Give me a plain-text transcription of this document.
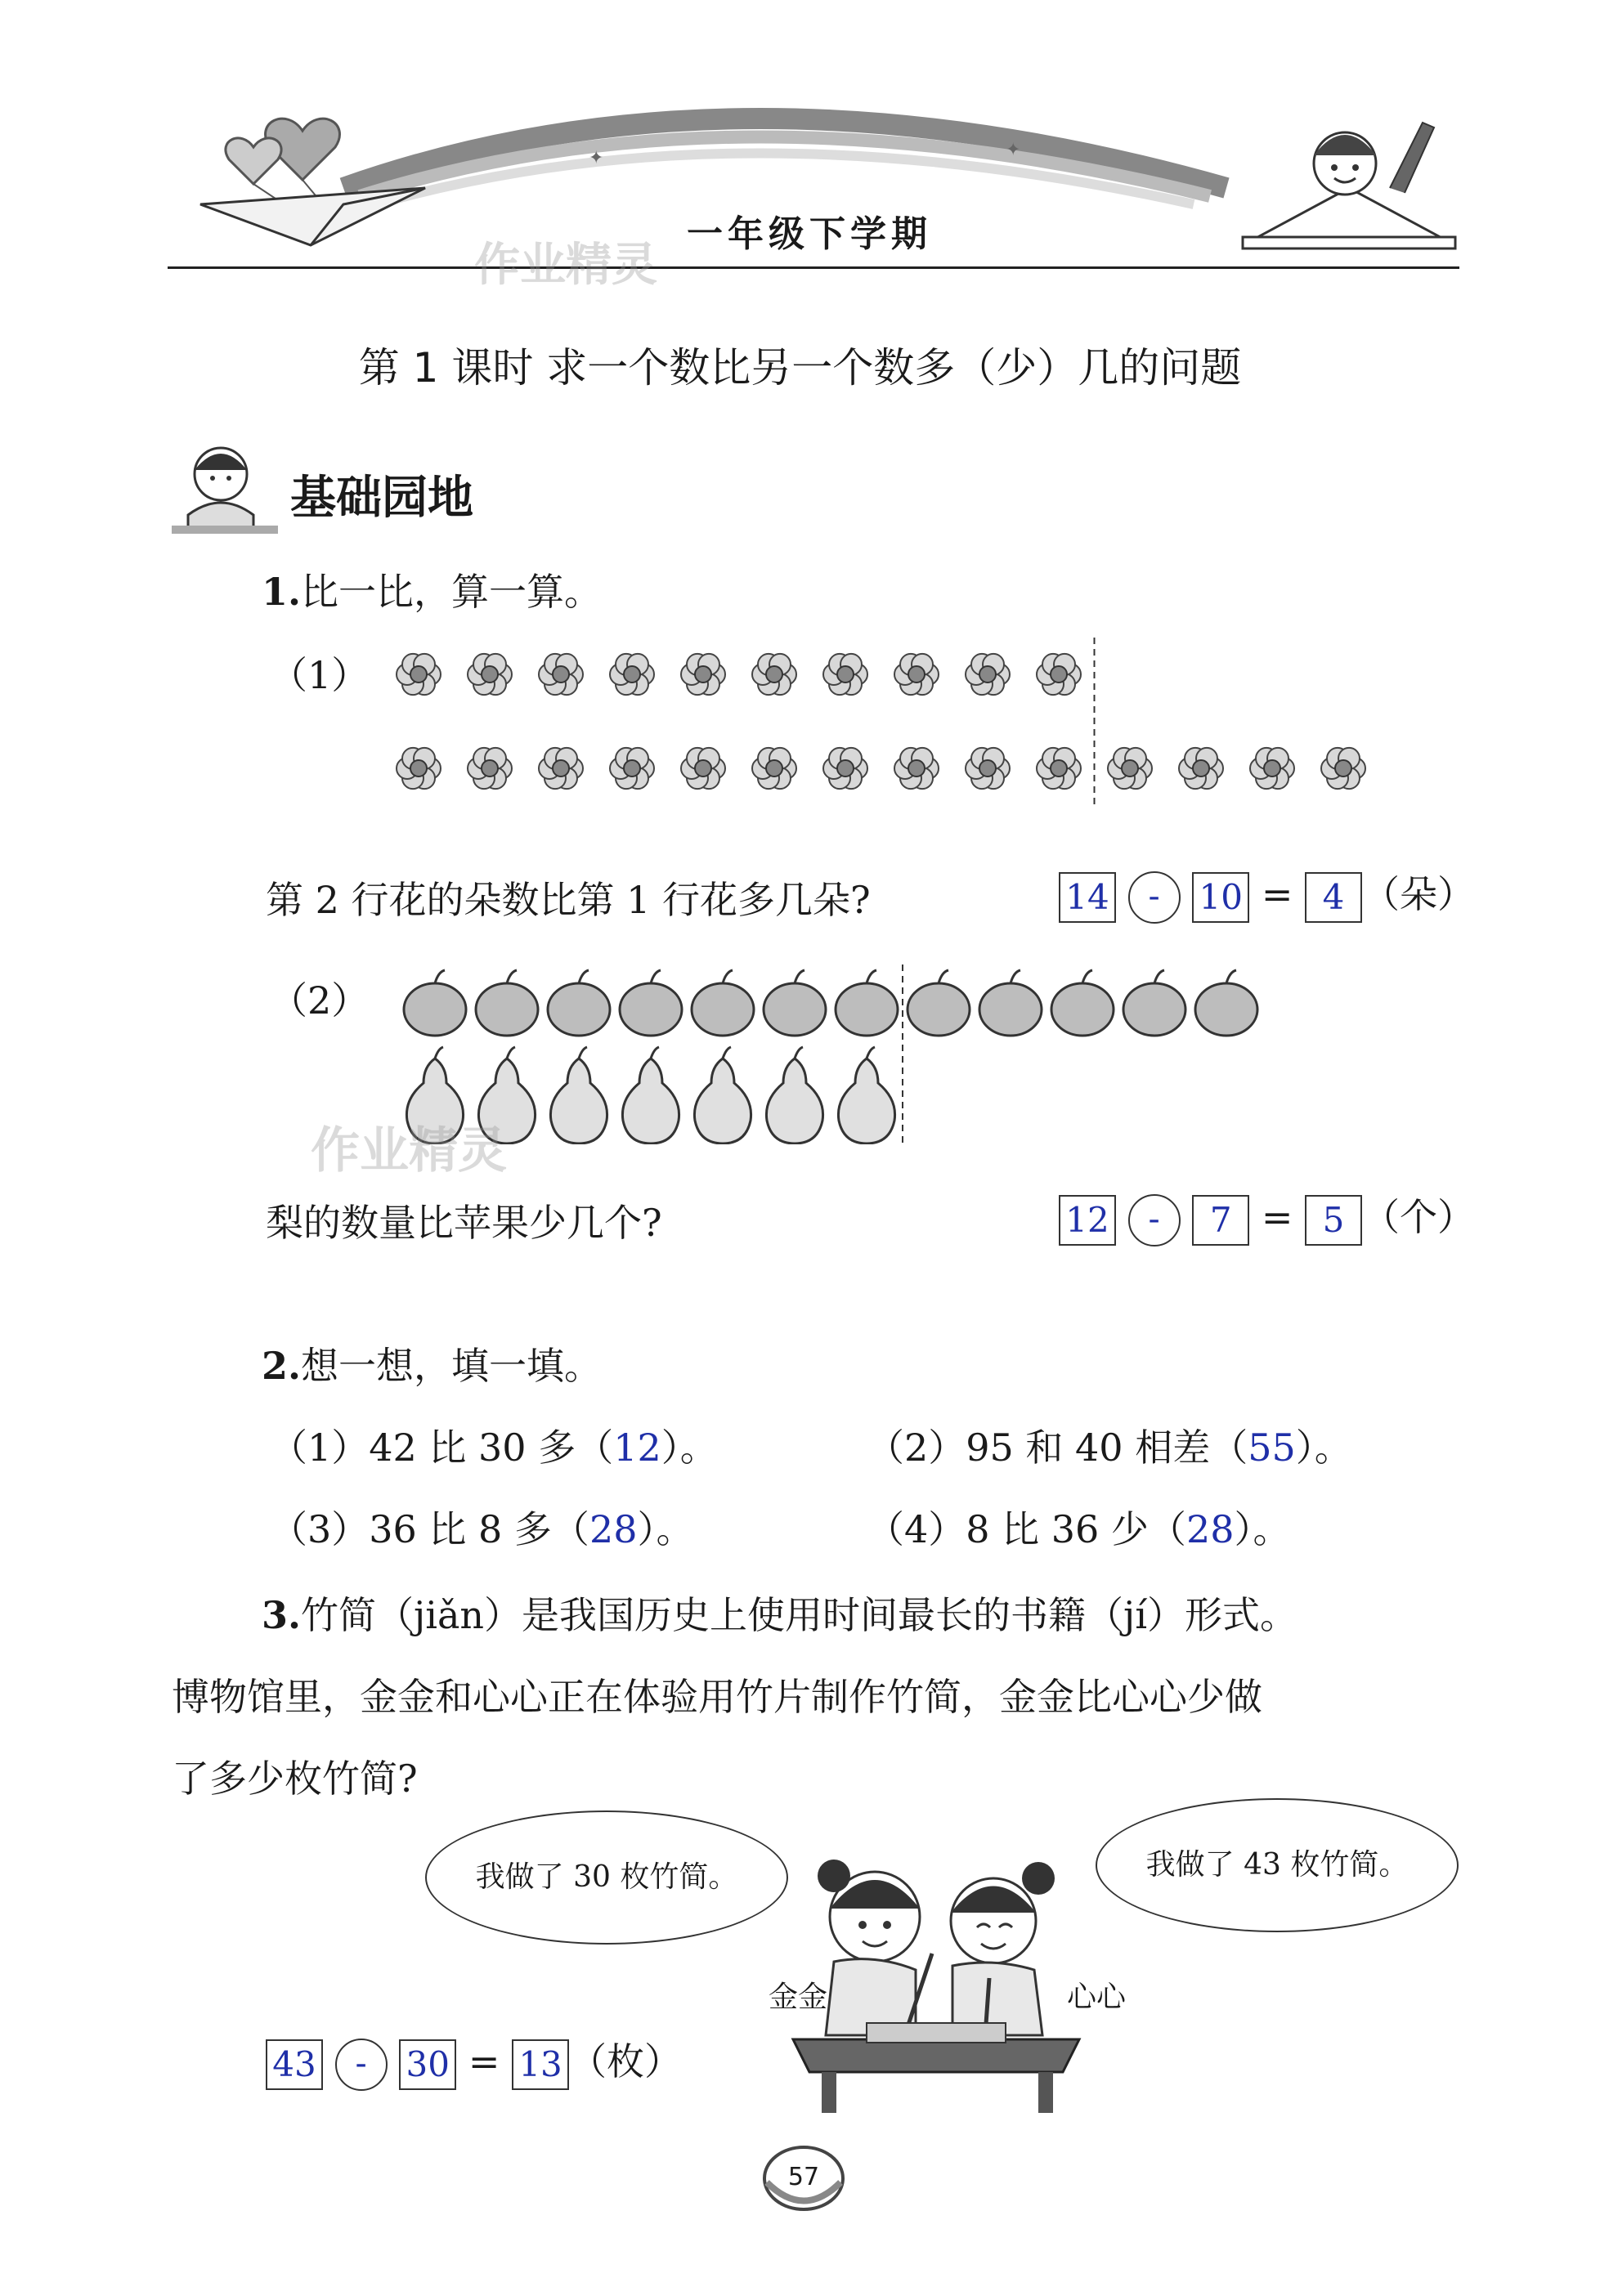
✦	✦
一年级下学期
作业精灵
第 1 课时 求一个数比另一个数多（少）几的问题
基础园地
1.比一比，算一算。
（1）
第 2 行花的朵数比第 1 行花多几朵?	14 - 10 = 4 （朵）
（2）
作业精灵
梨的数量比苹果少几个?	12 - 7 = 5 （个）
2.想一想，填一填。
（1）42 比 30 多（12）。	（2）95 和 40 相差（55）。
（3）36 比 8 多（28）。	（4）8 比 36 少（28）。
3.竹简（jiǎn）是我国历史上使用时间最长的书籍（jí）形式。
博物馆里，金金和心心正在体验用竹片制作竹简，金金比心心少做
了多少枚竹简?
我做了 30 枚竹简。	我做了 43 枚竹简。
金金	心心
43 - 30 = 13 （枚）
57
